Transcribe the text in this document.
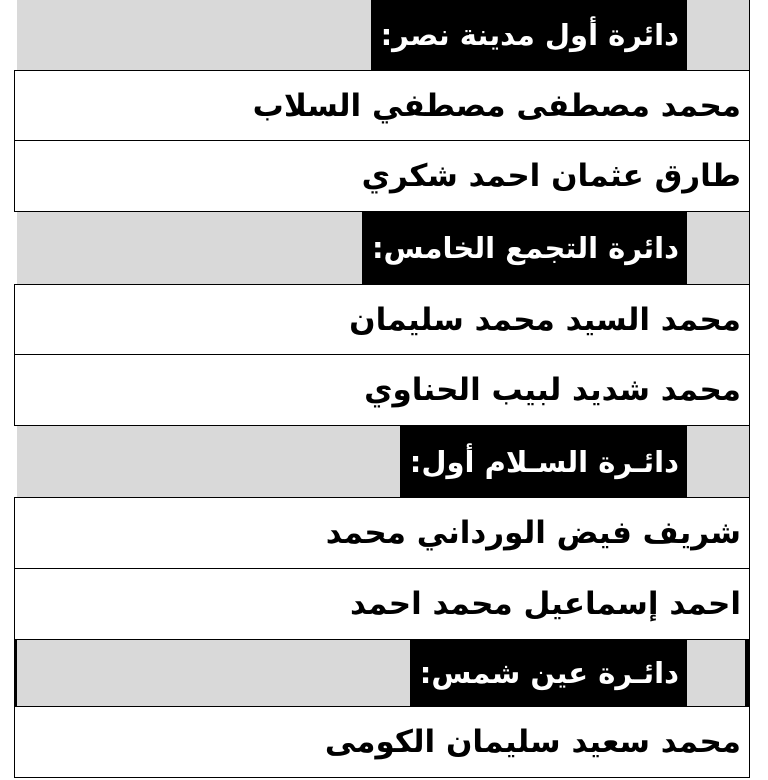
دائرة أول مدينة نصر:
محمد مصطفى مصطفي السلاب
طارق عثمان احمد شكري
دائرة التجمع الخامس:
محمد السيد محمد سليمان
محمد شديد لبيب الحناوي
دائـرة السـلام أول:
شريف فيض الورداني محمد
احمد إسماعيل محمد احمد
دائـرة عين شمس:
محمد سعيد سليمان الكومى
